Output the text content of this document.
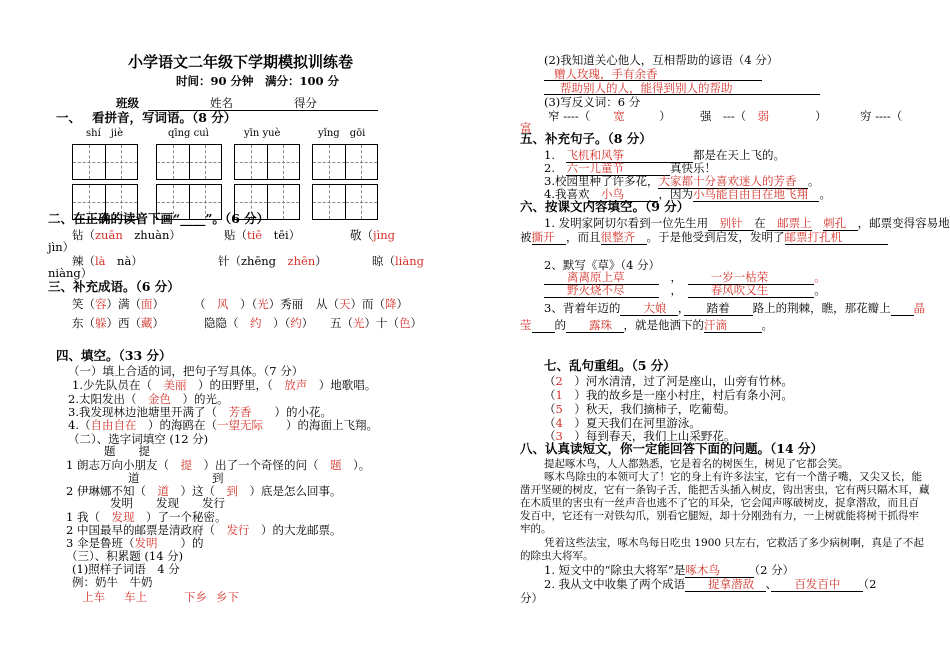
小学语文二年级下学期模拟训练卷
时间：90 分钟　满分：100 分
班级	姓名	得分
一、 看拼音，写词语。（8 分）
shí　jiè	qīng cuì	yīn yuè	yǐng　gōi
二、在正确的读音下画“____”。（6 分）
钻（zuān　 zhuàn）	贴（tiē　 tēi）	敬（jìng
jìn）
辣（là　 nà）	针（zhēng　 zhēn）	晾（liàng
niàng）
三、补充成语。（6 分）
笑（容）满（面）	（　 风　 ）（光）秀丽 从（天）而（降）
东（躲）西（藏）	隐隐（　 约　 ）（约） 五（光）十（色）
四、填空。（33 分）
（一）填上合适的词，把句子写具体。（7 分）
1.少先队员在（　 美丽　 ）的田野里，（　 放声　 ）地歌唱。
2.太阳发出（　 金色　 ）的光。
3.我发现林边池塘里开满了（　 芳香　　 ）的小花。
4.（自由自在　 ）的海鸥在（一望无际　　 ）的海面上飞翔。
（二）、选字词填空 (12 分)
题　　提
1 朗志万向小朋友（　 提　 ）出了一个奇怪的问（　 题　 ）。
道	到
2 伊琳娜不知（　 道　 ）这（　 到　 ）底是怎么回事。
发明　　发现　　发行
1 我（　 发现　 ）了一个秘密。
2 中国最早的邮票是清政府（　 发行　 ）的大龙邮票。
3 伞是鲁班（发明　　 ）的
（三）、积累题 (14 分)
(1)照样子词语　4 分
例：奶牛　牛奶
上车 车上	下乡 乡下
(2)我知道关心他人，互相帮助的谚语（4 分）
赠人玫瑰，手有余香
帮助别人的人，能得到别人的帮助
(3)写反义词：6 分
窄 ----（　　 宽　　　）	强　---（　 弱　　　　）	穷 ----（
富
五、补充句子。（8 分）
1.　 飞机和风筝　　　　　　	都是在天上飞的。
2.　 六一儿童节　　　　	真快乐！
3.校园里种了许多花，大家都十分喜欢迷人的芳香　 。
4.我喜欢　 小鸟　　　	，因为小鸟能自由自在地飞翔　 。
六、按课文内容填空。（9 分）
1. 发明家阿切尔看到一位先生用　 别针　 在　 邮票上　 刺孔　 ，邮票变得容易地
被撕开　 ，而且很整齐　 。于是他受到启发，发明了邮票打孔机　　　　
2、默写《草》（4 分）
　　离离原上草　　　	　，　　　一岁一枯荣　　　　	。
　　野火烧不尽　　　	　，　　　春风吹又生　　　　	。
3、背着年迈的　　 大娘　 ，　　 踏着　　 路上的荆棘，瞧，那花瓣上　　 晶
莹　　 的　　 露珠　 ，就是他洒下的汗滴　　　	。
七、乱句重组。（5 分）
（2　 ）河水清清，过了河是座山，山旁有竹林。
（1　 ）我的故乡是一座小村庄，村后有条小河。
（5　 ）秋天，我们摘柿子，吃葡萄。
（4　 ）夏天我们在河里游泳。
（3　 ）每到春天，我们上山采野花。
八、认真读短文，你一定能回答下面的问题。（14 分）
提起啄木鸟，人人都熟悉，它是着名的树医生，树见了它都会笑。
啄木鸟除虫的本领可大了！它的身上有许多法宝，它有一个凿子嘴，又尖又长，能
凿开坚硬的树皮，它有一条钩子舌，能把舌头插入树皮，钩出害虫，它有两只隔木耳，藏
在木质里的害虫有一丝声音也逃不了它的耳朵，它会闻声啄破树皮，捉拿潜敌，而且百
发百中，它还有一对铁勾爪，别看它腿短，却十分刚劲有力，一上树就能将树干抓得牢
牢的。
凭着这些法宝，啄木鸟每日吃虫 1900 只左右，它救活了多少病树啊，真是了不起
的除虫大将军。
1. 短文中的“除虫大将军”是啄木鸟　　　	（2 分）
2. 我从文中收集了两个成语　　 捉拿潜敌　 、　　 百发百中　　 （2
分）
